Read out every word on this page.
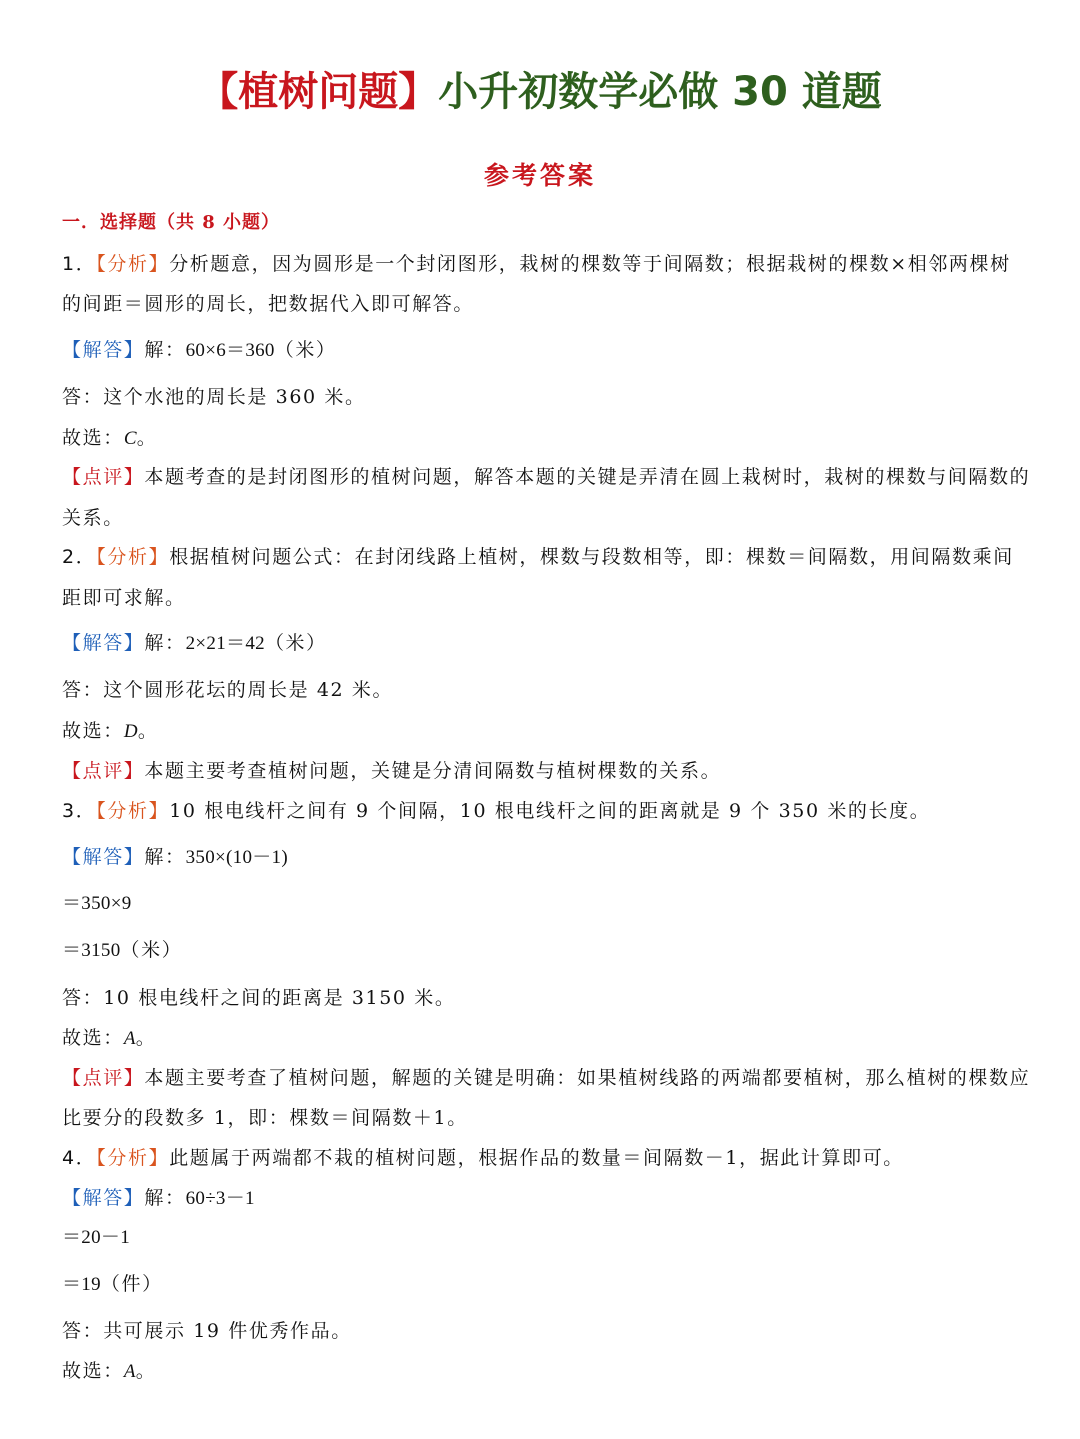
【植树问题】小升初数学必做 30 道题
参考答案
一．选择题（共 8 小题）
1．【分析】分析题意，因为圆形是一个封闭图形，栽树的棵数等于间隔数；根据栽树的棵数×相邻两棵树
的间距＝圆形的周长，把数据代入即可解答。
【解答】解：60×6＝360（米）
答：这个水池的周长是 360 米。
故选：C。
【点评】本题考查的是封闭图形的植树问题，解答本题的关键是弄清在圆上栽树时，栽树的棵数与间隔数的
关系。
2．【分析】根据植树问题公式：在封闭线路上植树，棵数与段数相等，即：棵数＝间隔数，用间隔数乘间
距即可求解。
【解答】解：2×21＝42（米）
答：这个圆形花坛的周长是 42 米。
故选：D。
【点评】本题主要考查植树问题，关键是分清间隔数与植树棵数的关系。
3．【分析】10 根电线杆之间有 9 个间隔，10 根电线杆之间的距离就是 9 个 350 米的长度。
【解答】解：350×(10－1)
＝350×9
＝3150（米）
答：10 根电线杆之间的距离是 3150 米。
故选：A。
【点评】本题主要考查了植树问题，解题的关键是明确：如果植树线路的两端都要植树，那么植树的棵数应
比要分的段数多 1，即：棵数＝间隔数＋1。
4．【分析】此题属于两端都不栽的植树问题，根据作品的数量＝间隔数－1，据此计算即可。
【解答】解：60÷3－1
＝20－1
＝19（件）
答：共可展示 19 件优秀作品。
故选：A。
